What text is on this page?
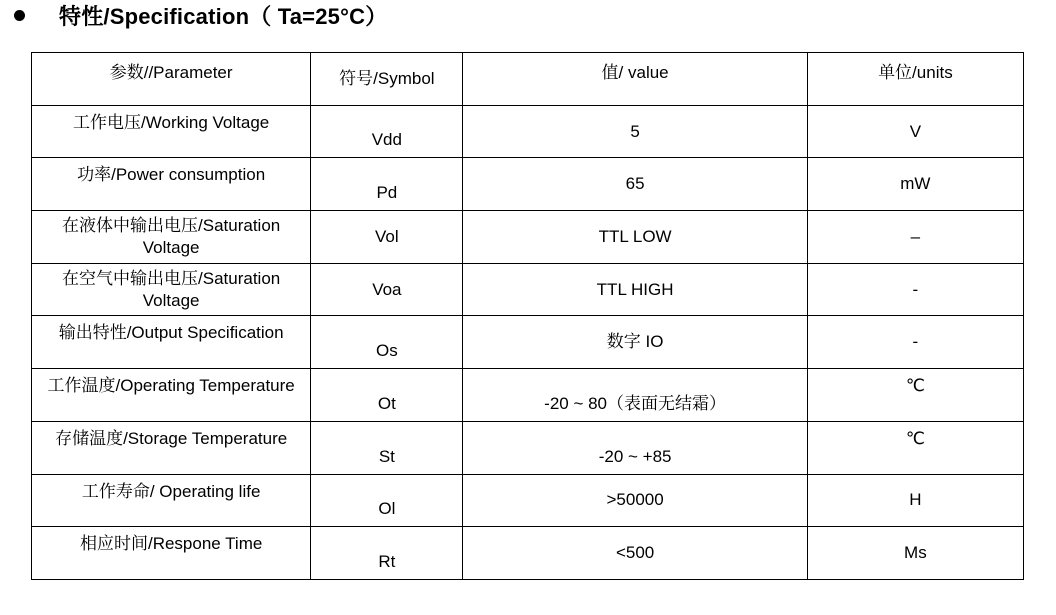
特性/Specification（ Ta=25°C）
参数//Parameter	符号/Symbol	值/ value	单位/units
工作电压/Working Voltage	Vdd	5	V
功率/Power consumption	Pd	65	mW
在液体中输出电压/Saturation Voltage	Vol	TTL LOW	–
在空气中输出电压/Saturation Voltage	Voa	TTL HIGH	-
输出特性/Output Specification	Os	数字 IO	-
工作温度/Operating Temperature	Ot	-20 ~ 80（表面无结霜）	℃
存储温度/Storage Temperature	St	-20 ~ +85	℃
工作寿命/ Operating life	Ol	>50000	H
相应时间/Respone Time	Rt	<500	Ms
